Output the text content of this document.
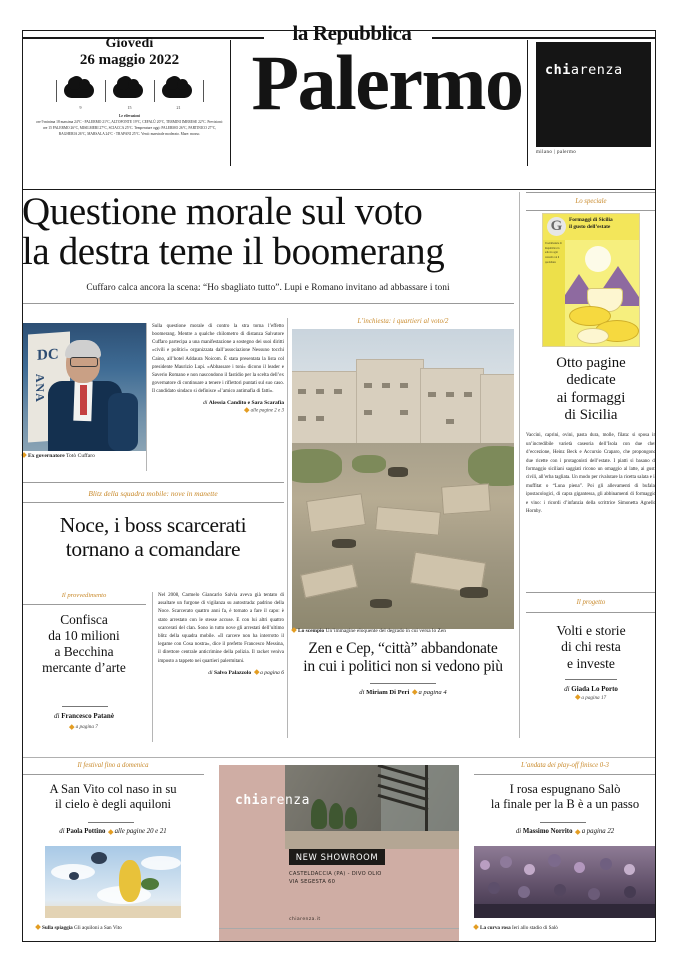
la Repubblica
Giovedì
26 maggio 2022
9	15	21
Le rilevazioni
ore 9 minima 18 massima 24°C - PALERMO 21°C, ALTOFONTE 19°C, CEFALÙ 20°C, TERMINI IMERESE 22°C. Previsioni: ore 15 PALERMO 26°C, MISILMERI 27°C, SCIACCA 25°C. Temperature oggi: PALERMO 26°C, PARTINICO 27°C, BAGHERIA 26°C, MARSALA 24°C - TRAPANI 25°C. Venti: maestrale moderato. Mare: mosso.
Palermo	chiarenza
milano | palermo
Questione morale sul voto
la destra teme il boomerang
Cuffaro calca ancora la scena: “Ho sbagliato tutto”. Lupi e Romano invitano ad abbassare i toni
DC
ANA
Ex governatore Totò Cuffaro

Sulla questione morale di contro la stra torna l’effetto boomerang. Mentre a qualche chilometro di distanza Salvatore Cuffaro partecipa a una manifestazione a sostegno dei suoi diritti «civili e politici» organizzata dall’associazione Nessuno tocchi Caino, all’hotel Addaura Noicom. È stata presentata la lista col presidente Maurizio Lupi. «Abbassare i toni» dicono il leader e Saverio Romano e non nascondono il fastidio per la scelta dell’ex governatore di continuare a tenere i riflettori puntati sul suo caso. Il candidato sindaco si definisce «l’amico antimafia di fatti».

di Alessia Candito e Sara Scarafia
alle pagine 2 e 3
L’inchiesta: i quartieri al voto/2
Lo scempio Un’immagine eloquente del degrado in cui versa lo Zen
Zen e Cep, “città” abbandonate
in cui i politici non si vedono più
di Miriam Di Peri a pagina 4
Lo speciale
G	Formaggi di Sicilia
il gusto dell’estate
Il settimanale di Repubblica in edicola ogni venerdì con il quotidiano
Otto pagine
dedicate
ai formaggi
di Sicilia
Vaccini, caprini, ovini, pasta dura, molle, filata: si sposa in un’incredibile varietà caseoria dell’Isola con due chef d’eccezione, Heinz Beck e Accursio Craparo, che propongono due ricette con i protagonisti dell’estate. I piatti si basano di formaggio siciliani saggiati ricono un omaggio al latte, ai gusti civili, all’erba tagliata. Un modo per rivalutare la ricetta salata e il muffitat o “Luna piena”. Poi gli allevamenti di bufala, ipostacologici, di capra gigantessa, gli abbinamenti di formaggio e vino: i ricordi d’infanzia della scrittrice Simonetta Agnello Hornby.
Il progetto
Volti e storie
di chi resta
e investe
di Giada Lo Porto
a pagina 17
Blitz della squadra mobile: nove in manette
Noce, i boss scarcerati
tornano a comandare
Il provvedimento
Confisca
da 10 milioni
a Becchina
mercante d’arte
di Francesco Patanè
a pagina 7

Nel 2008, Carmelo Giancarlo Salvia aveva già tentato di assaltare un furgone di vigilanza su autostrada: padrino della Noce. Scarcerato quattro anni fa, è tornato a fare il capo: è stato arrestato con le stesse accuse. E con lui altri quattro scarcerati del clan. Sono in tutto nove gli arrestati dell’ultimo blitz della squadra mobile. «Il carcere non ha interrotto il legame con Cosa nostra», dice il prefetto Francesco Messina, il direttore centrale anticrimine della polizia. Il racket veniva imposto a tappeto nei quartieri palermitani.

di Salvo Palazzolo a pagina 6
Il festival fino a domenica
A San Vito col naso in su
il cielo è degli aquiloni
di Paola Pottino alle pagine 20 e 21
Sulla spiaggia Gli aquiloni a San Vito
chiarenza
NEW SHOWROOM
CASTELDACCIA (PA) - DIVO OLIO
VIA SEGESTA 60
chiarenza.it
L’andata dei play-off finisce 0-3
I rosa espugnano Salò
la finale per la B è a un passo
di Massimo Norrito a pagina 22
La curva rosa Ieri allo stadio di Salò
